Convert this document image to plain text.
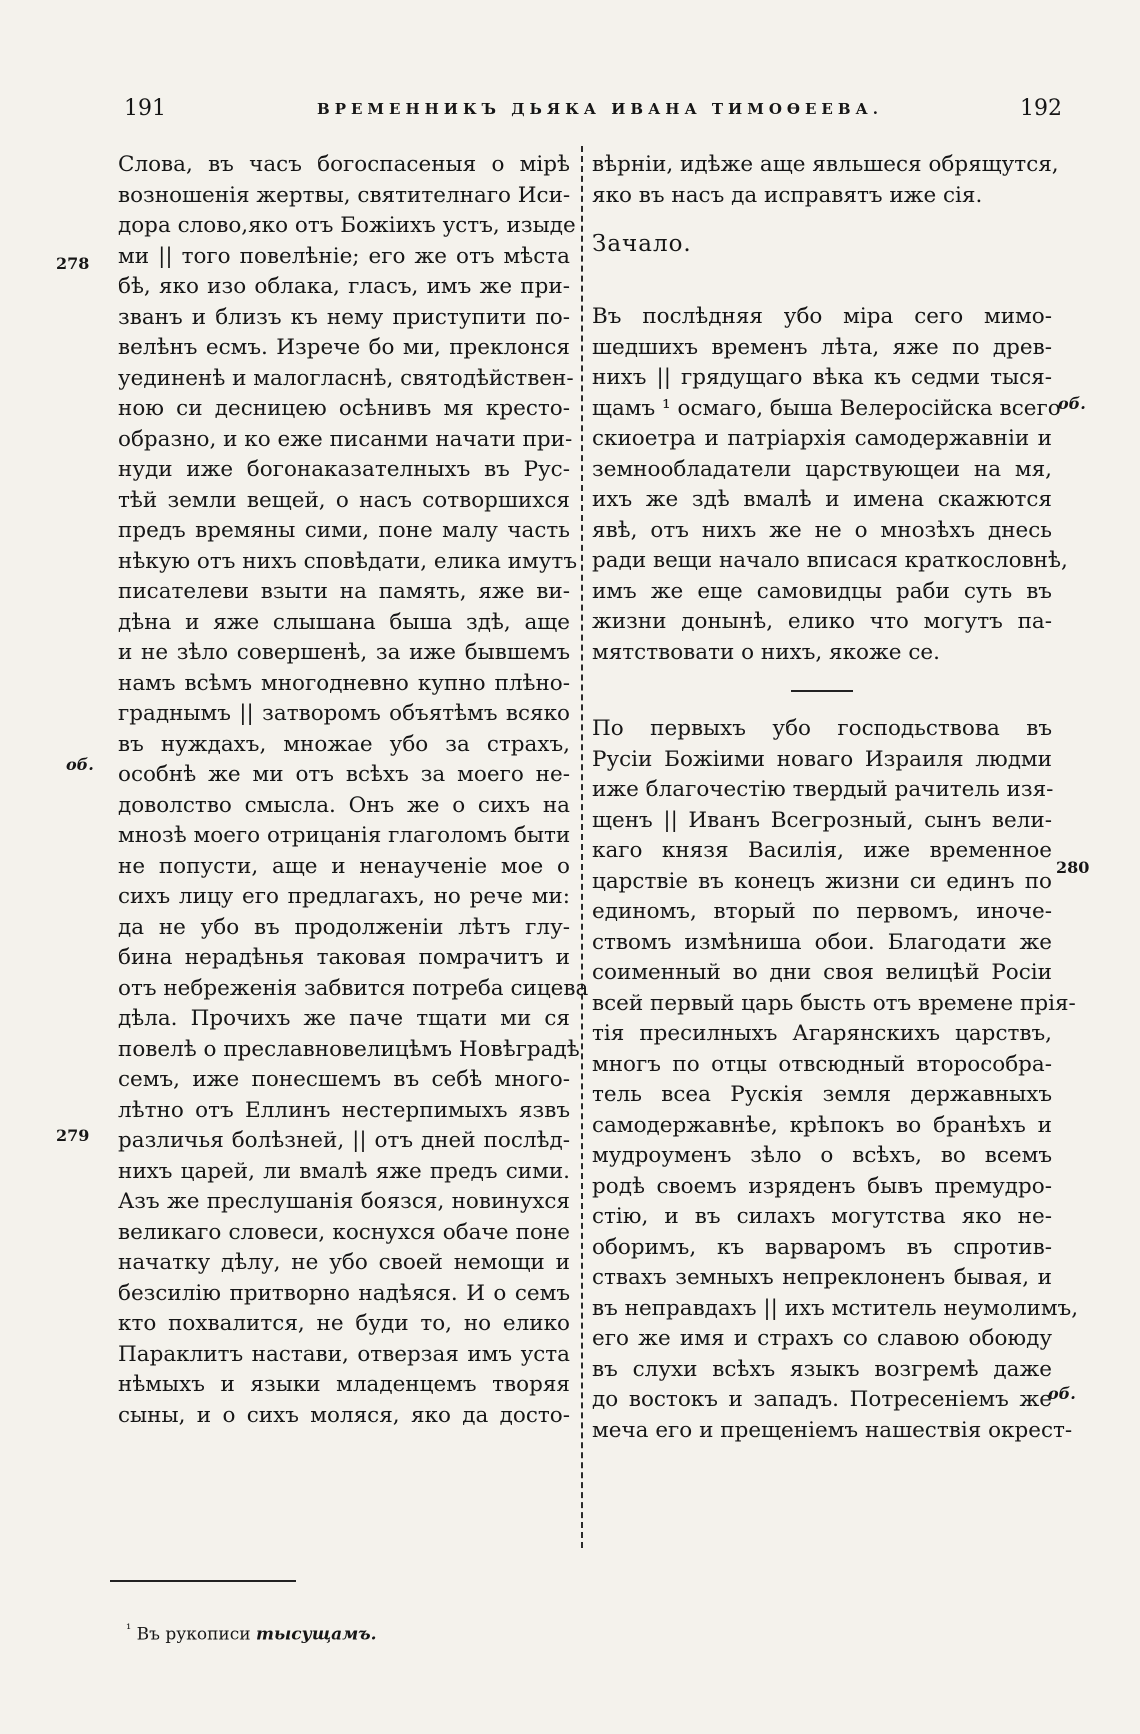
191	ВРЕМЕННИКЪ ДЬЯКА ИВАНА ТИМОѲЕЕВА.	192
278
об.
279
об.
280
об.
Слова, въ часъ богоспасеныя о мірѣ
возношенія жертвы, святителнаго Иси-
дора слово,яко отъ Божіихъ устъ, изыде
ми || того повелѣніе; его же отъ мѣста
бѣ, яко изо облака, гласъ, имъ же при-
званъ и близъ къ нему приступити по-
велѣнъ есмъ. Изрече бо ми, преклонся
уединенѣ и малогласнѣ, святодѣйствен-
ною си десницею осѣнивъ мя кресто-
образно, и ко еже писанми начати при-
нуди иже богонаказателныхъ въ Рус-
тѣй земли вещей, о насъ сотворшихся
предъ времяны сими, поне малу часть
нѣкую отъ нихъ сповѣдати, елика имутъ
писателеви взыти на память, яже ви-
дѣна и яже слышана быша здѣ, аще
и не зѣло совершенѣ, за иже бывшемъ
намъ всѣмъ многодневно купно плѣно-
граднымъ || затворомъ объятѣмъ всяко
въ нуждахъ, множае убо за страхъ,
особнѣ же ми отъ всѣхъ за моего не-
доволство смысла. Онъ же о сихъ на
мнозѣ моего отрицанія глаголомъ быти
не попусти, аще и ненаученіе мое о
сихъ лицу его предлагахъ, но рече ми:
да не убо въ продолженіи лѣтъ глу-
бина нерадѣнья таковая помрачитъ и
отъ небреженія забвится потреба сицева
дѣла. Прочихъ же паче тщати ми ся
повелѣ о преславновелицѣмъ Новѣградѣ
семъ, иже понесшемъ въ себѣ много-
лѣтно отъ Еллинъ нестерпимыхъ язвъ
различья болѣзней, || отъ дней послѣд-
нихъ царей, ли вмалѣ яже предъ сими.
Азъ же преслушанія боязся, новинухся
великаго словеси, коснухся обаче поне
начатку дѣлу, не убо своей немощи и
безсилію притворно надѣяся. И о семъ
кто похвалится, не буди то, но елико
Параклитъ настави, отверзая имъ уста
нѣмыхъ и языки младенцемъ творяя
сыны, и о сихъ моляся, яко да досто-
вѣрніи, идѣже аще явльшеся обрящутся,
яко въ насъ да исправятъ иже сія.
Зачало.
Въ послѣдняя убо міра сего мимо-
шедшихъ временъ лѣта, яже по древ-
нихъ || грядущаго вѣка къ седми тыся-
щамъ ¹ осмаго, быша Велеросійска всего
скиоетра и патріархія самодержавніи и
земнообладатели царствующеи на мя,
ихъ же здѣ вмалѣ и имена скажются
явѣ, отъ нихъ же не о мнозѣхъ днесь
ради вещи начало вписася краткословнѣ,
имъ же еще самовидцы раби суть въ
жизни донынѣ, елико что могутъ па-
мятствовати о нихъ, якоже се.
По первыхъ убо господьствова въ
Русіи Божіими новаго Израиля людми
иже благочестію твердый рачитель изя-
щенъ || Иванъ Всегрозный, сынъ вели-
каго князя Василія, иже временное
царствіе въ конецъ жизни си единъ по
единомъ, вторый по первомъ, иноче-
ствомъ измѣниша обои. Благодати же
соименный во дни своя велицѣй Росіи
всей первый царь бысть отъ времене прія-
тія пресилныхъ Агарянскихъ царствъ,
многъ по отцы отвсюдный вторособра-
тель всеа Рускія земля державныхъ
самодержавнѣе, крѣпокъ во бранѣхъ и
мудроуменъ зѣло о всѣхъ, во всемъ
родѣ своемъ изряденъ бывъ премудро-
стію, и въ силахъ могутства яко не-
оборимъ, къ варваромъ въ спротив-
ствахъ земныхъ непреклоненъ бывая, и
въ неправдахъ || ихъ мститель неумолимъ,
его же имя и страхъ со славою обоюду
въ слухи всѣхъ языкъ возгремѣ даже
до востокъ и западъ. Потресеніемъ же
меча его и прещеніемъ нашествія окрест-
$^{^1}$ Въ рукописи тысущамъ.
